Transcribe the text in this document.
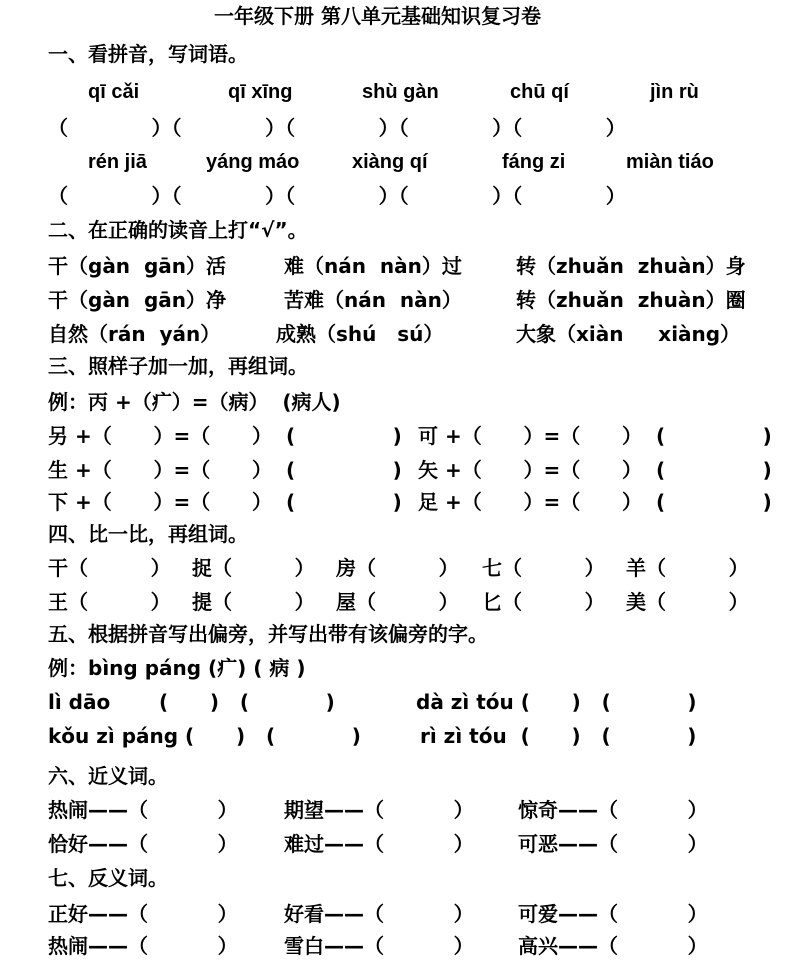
一年级下册 第八单元基础知识复习卷
一、看拼音，写词语。
qī cǎi	qī xīng	shù gàn	chū qí	jìn rù
（            ）（            ）（            ）（            ）（            ）
rén jiā	yáng máo	xiàng qí	fáng zi	miàn tiáo
（            ）（            ）（            ）（            ）（            ）
二、在正确的读音上打“√”。
干（gàn  gān）活	难（nán  nàn）过	转（zhuǎn  zhuàn）身
干（gàn  gān）净	苦难（nán  nàn）	转（zhuǎn  zhuàn）圈
自然（rán  yán）	成熟（shú   sú）	大象（xiàn     xiàng）
三、照样子加一加，再组词。
例：丙 +（疒）=（病）  (病人)
另 +（      ）=（      ）  (              ) 可 +（      ）=（      ）  (              )
生 +（      ）=（      ）  (              ) 矢 +（      ）=（      ）  (              )
下 +（      ）=（      ）  (              ) 足 +（      ）=（      ）  (              )
四、比一比，再组词。
干（         ） 捉（         ） 房（         ） 七（         ） 羊（         ）
王（         ） 提（         ） 屋（         ） 匕（         ） 美（         ）
五、根据拼音写出偏旁，并写出带有该偏旁的字。
例：bìng páng (疒) ( 病 )
lì dāo       (      )   (           )	dà zì tóu (      )   (           )
kǒu zì páng (      )   (           )	rì zì tóu  (      )   (           )
六、近义词。
热闹——（          ） 期望——（          ） 惊奇——（          ）
恰好——（          ） 难过——（          ） 可恶——（          ）
七、反义词。
正好——（          ） 好看——（          ） 可爱——（          ）
热闹——（          ） 雪白——（          ） 高兴——（          ）
